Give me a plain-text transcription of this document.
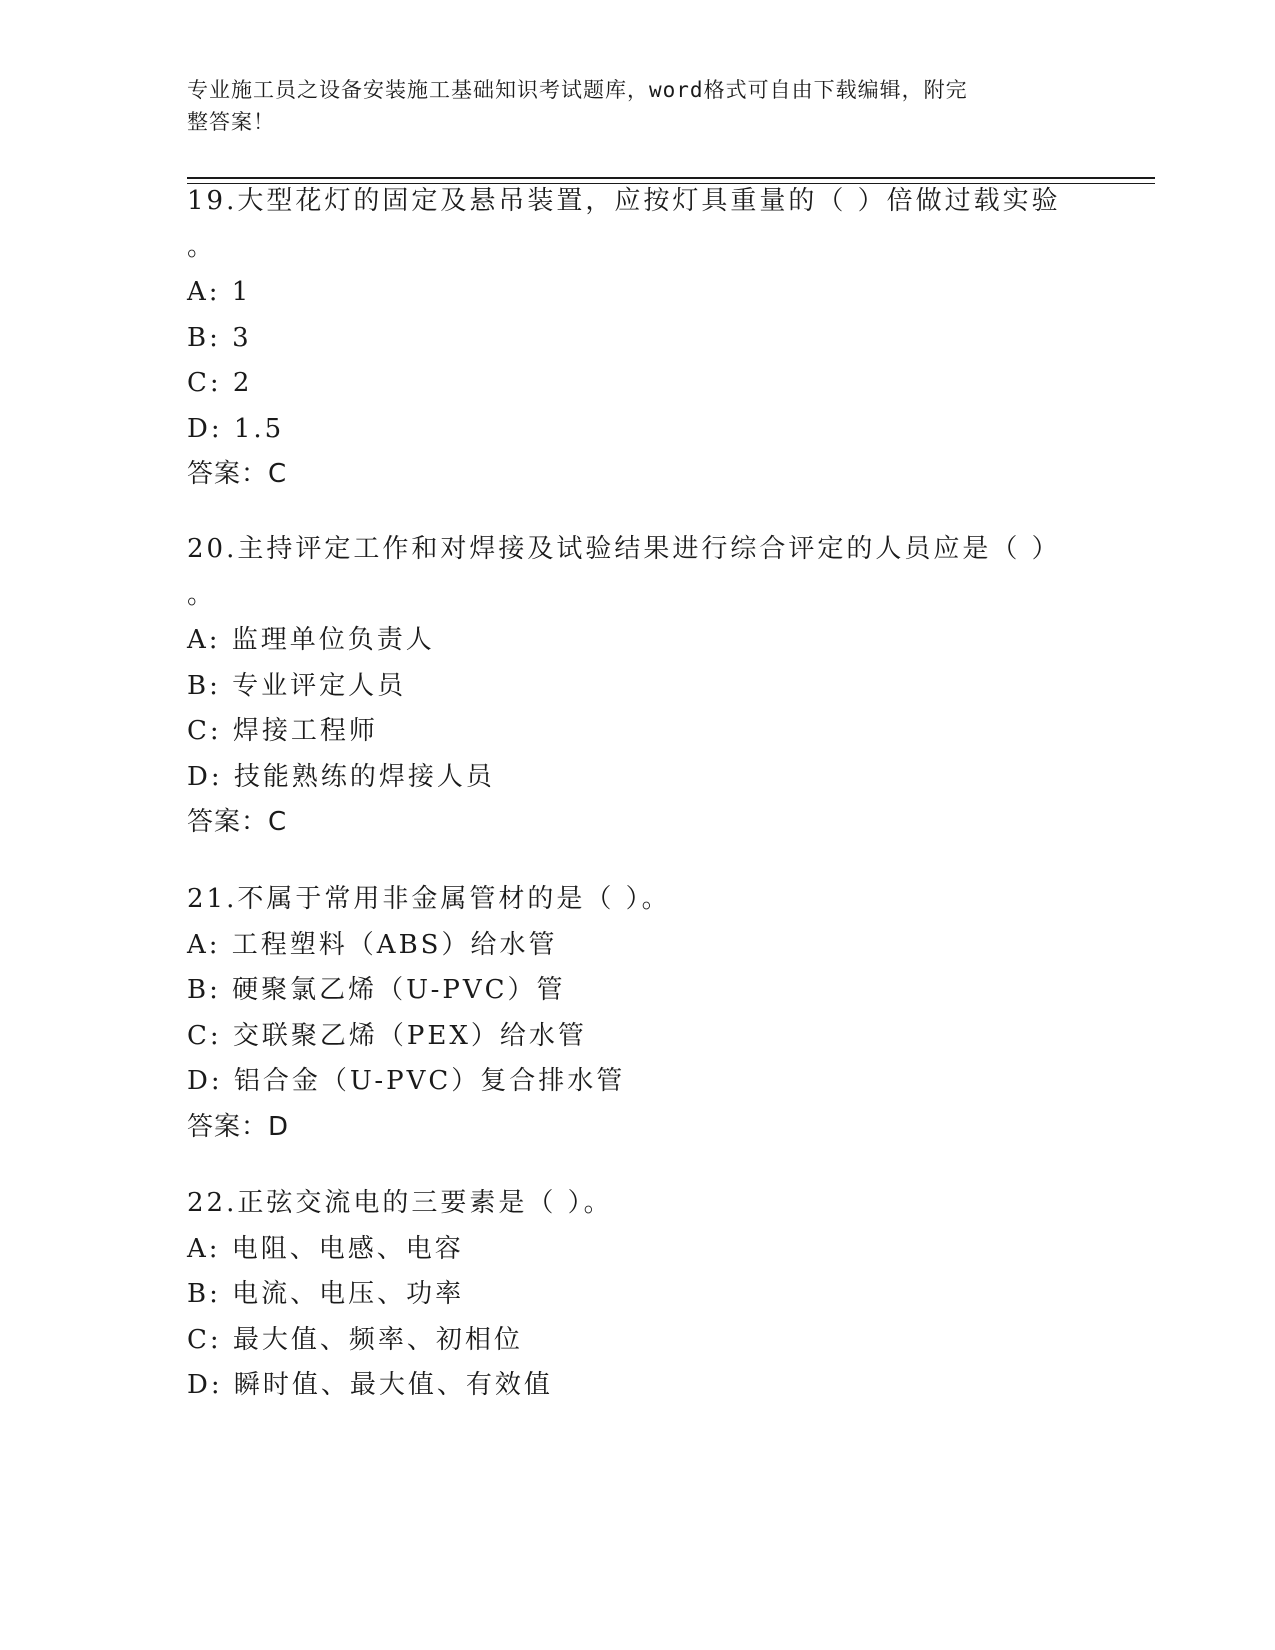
专业施工员之设备安装施工基础知识考试题库，word格式可自由下载编辑，附完
整答案！
19.大型花灯的固定及悬吊装置，应按灯具重量的（ ）倍做过载实验
。
A: 1
B: 3
C: 2
D: 1.5
答案：C
20.主持评定工作和对焊接及试验结果进行综合评定的人员应是（ ）
。
A: 监理单位负责人
B: 专业评定人员
C: 焊接工程师
D: 技能熟练的焊接人员
答案：C
21.不属于常用非金属管材的是（ ）。
A: 工程塑料（ABS）给水管
B: 硬聚氯乙烯（U-PVC）管
C: 交联聚乙烯（PEX）给水管
D: 铝合金（U-PVC）复合排水管
答案：D
22.正弦交流电的三要素是（ ）。
A: 电阻、电感、电容
B: 电流、电压、功率
C: 最大值、频率、初相位
D: 瞬时值、最大值、有效值
